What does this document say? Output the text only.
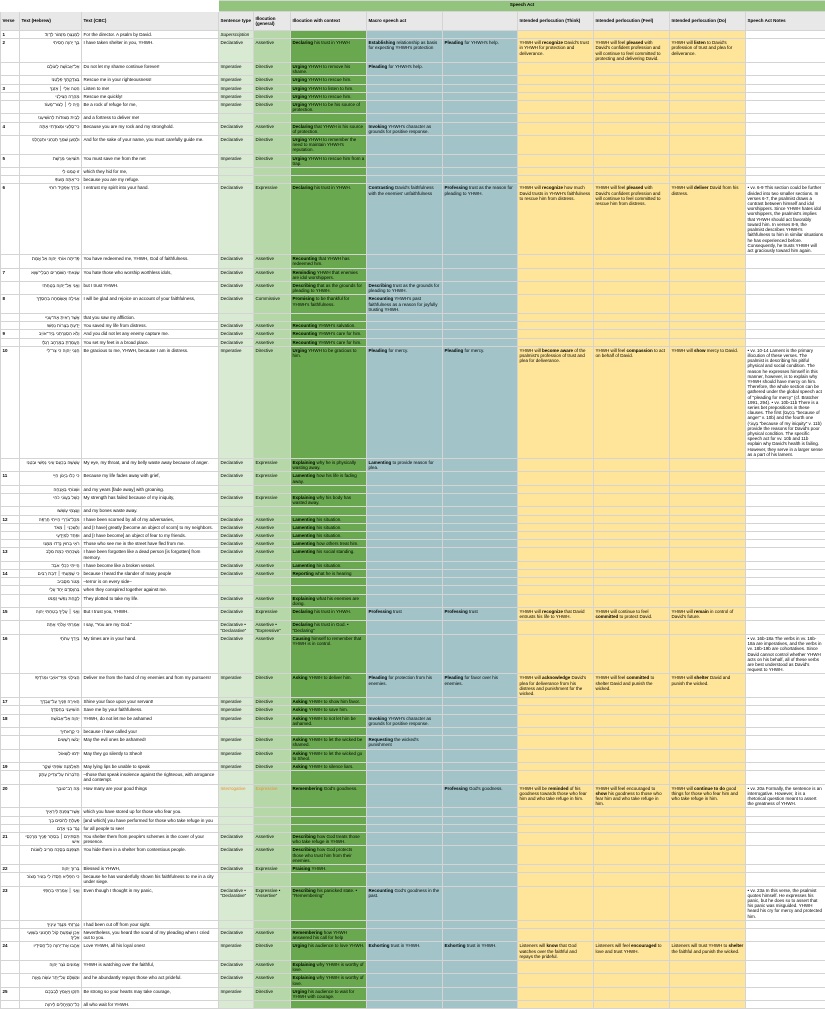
			Speech Act								
Verse	Text (Hebrew)	Text (CBC)	Sentence type	Illocution (general)	Illocution with context	Macro speech act		Intended perlocution (Think)	Intended perlocution (Feel)	Intended perlocution (Do)	Speech Act Notes
1	לַמְנַצֵּחַ מִזְמוֹר לְדָוִד׃	For the director. A psalm by David.	Superscription								
2	בְּךָ יְהוָה חָסִיתִי	I have taken shelter in you, YHWH.	Declarative	Assertive	Declaring his trust in YHWH	Establishing relationship as basis for expecting YHWH's protection	Pleading for YHWH's help.	YHWH will recognize David's trust in YHWH for protection and deliverance.	YHWH will feel pleased with David's confident profession and will continue to feel committed to protecting and delivering David.	YHWH will listen to David's profession of trust and plea for deliverance.	
	אַל־אֵבוֹשָׁה לְעוֹלָם	Do not let my shame continue forever!	Imperative	Directive	Urging YHWH to remove his shame.	Pleading for YHWH's help.					
	בְּצִדְקָתְךָ פַלְּטֵנִי׃	Rescue me in your righteousness!	Imperative	Directive	Urging YHWH to rescue him.						
3	הַטֵּה אֵלַי ׀ אָזְנְךָ	Listen to me!	Imperative	Directive	Urging YHWH to listen to him.						
	מְהֵרָה הַצִּילֵנִי	Rescue me quickly!	Imperative	Directive	Urging YHWH to rescue him.						
	הֱיֵה לִי ׀ לְצוּר־מָעוֹז	Be a rock of refuge for me,	Imperative	Directive	Urging YHWH to be his source of protection.						
	לְבֵית מְצוּדוֹת לְהוֹשִׁיעֵנִי׃	and a fortress to deliver me!									
4	כִּי־סַלְעִי וּמְצוּדָתִי אָתָּה	Because you are my rock and my stronghold.	Declarative	Assertive	Declaring that YHWH is his source of protection.	Invoking YHWH's character as grounds for positive response.					
	וּלְמַעַן שִׁמְךָ תַּנְחֵנִי וּתְנַהֲלֵנִי׃	And for the sake of your name, you must carefully guide me.	Declarative	Directive	Urging YHWH to remember the need to maintain YHWH's reputation.						
5	תּוֹצִיאֵנִי מֵרֶשֶׁת	You must save me from the net	Imperative	Directive	Urging YHWH to rescue him from a trap.						
	זוּ טָמְנוּ לִי	which they hid for me,									
	כִּי־אַתָּה מָעוּזִּי׃	because you are my refuge.									
6	בְּיָדְךָ אַפְקִיד רוּחִי	I entrust my spirit into your hand.	Declarative	Expressive	Declaring his trust in YHWH.	Contrasting David's faithfulness with the enemies' unfaithfulness	Professing trust as the reason for pleading to YHWH.	YHWH will recognize how much David trusts in YHWH's faithfulness to rescue him from distress.	YHWH will feel pleased with David's confident profession and will continue to feel committed to rescue him from distress.	YHWH will deliver David from his distress.	• vv. 6-9 This section could be further divided into two smaller sections. In verses 6-7, the psalmist draws a contrast between himself and idol worshippers. Since YHWH hates idol worshippers, the psalmist's implies that YHWH should act favorably toward him. In verses 8-9, the psalmist describes YHWH's faithfulness to him in similar situations he has experienced before. Consequently, he trusts YHWH will act graciously toward him again.
	פָּדִיתָה אוֹתִי יְהוָה אֵל אֱמֶת׃	You have redeemed me, YHWH, God of faithfulness.	Declarative	Assertive	Recounting that YHWH has redeemed him.						
7	שָׂנֵאתִי הַשֹּׁמְרִים הַבְלֵי־שָׁוְא	You hate those who worship worthless idols,	Declarative	Assertive	Reminding YHWH that enemies are idol worshippers.						
	וַאֲנִי אֶל־יְהוָה בָּטָחְתִּי׃	but I trust YHWH.	Declarative	Assertive	Describing that as the grounds for pleading to YHWH.	Describing trust as the grounds for pleading to YHWH.					
8	אָגִילָה וְאֶשְׂמְחָה בְּחַסְדֶּךָ	I will be glad and rejoice on account of your faithfulness,	Declarative	Commissive	Promising to be thankful for YHWH's faithfulness.	Recounting YHWH's past faithfulness as a reason for joyfully trusting YHWH.					
	אֲשֶׁר רָאִיתָ אֶת־עָנְיִי	that you saw my affliction.									
	יָדַעְתָּ בְּצָרוֹת נַפְשִׁי׃	You saved my life from distress.	Declarative	Assertive	Recounting YHWH's salvation.						
9	וְלֹא הִסְגַּרְתַּנִי בְּיַד־אוֹיֵב	And you did not let any enemy capture me.	Declarative	Assertive	Recounting YHWH's care for him.						
	הֶעֱמַדְתָּ בַמֶּרְחָב רַגְלָי׃	You set my feet in a broad place.	Declarative	Assertive	Recounting YHWH's care for him.						
10	חָנֵּנִי יְהוָה כִּי צַר־לִי	Be gracious to me, YHWH, because I am in distress.	Imperative	Directive	Urging YHWH to be gracious to him.	Pleading for mercy.	Pleading for mercy.	YHWH will become aware of the psalmist's profession of trust and plea for deliverance.	YHWH will feel compassion to act on behalf of David.	YHWH will show mercy to David.	• vv. 10-14 Lament is the primary illocution of these verses. The psalmist is describing his pitiful physical and social condition. The reason he expresses himself in this manner, however, is to explain why YHWH should have mercy on him. Therefore, the whole section can be gathered under the global speech act of "pleading for mercy" (cf. Bratcher 1991, 294). • vv. 10b-11b There is a series bet prepositions in these clauses. The first (בְּכַעַס "because of anger" v. 10b) and the fourth one (בַּעֲוֺנִי "because of my iniquity" v. 11b) provide the reasons for David's poor physical condition. The specific speech act for vv. 10b and 11b explain why David's health is failing. However, they serve in a larger sense as a part of his lament.
	עָשְׁשָׁה בְכַעַס עֵינִי נַפְשִׁי וּבִטְנִי׃	My eye, my throat, and my belly waste away because of anger.	Declarative	Expressive	Explaining why he is physically wasting away.	Lamenting to provide reason for plea.					
11	כִּי כָלוּ בְיָגוֹן חַיַּי	Because my life fades away with grief,	Declarative	Expressive	Lamenting how his life is fading away.						
	וּשְׁנוֹתַי בַּאֲנָחָה	and my years [fade away] with groaning.									
	כָּשַׁל בַּעֲוֺנִי כֹחִי	My strength has failed because of my iniquity,	Declarative	Expressive	Explaining why his body has wasted away.						
	וַעֲצָמַי עָשֵׁשׁוּ׃	and my bones waste away.									
12	מִכָּל־צֹרְרַי הָיִיתִי חֶרְפָּה	I have been scorned by all of my adversaries,	Declarative	Assertive	Lamenting his situation.						
	וְלִשְׁכֵנַי ׀ מְאֹד	and [I have] greatly [become an object of scorn] to my neighbors.	Declarative	Assertive	Lamenting his situation.						
	וּפַחַד לִמְיֻדָּעָי	and [I have become] an object of fear to my friends.	Declarative	Assertive	Lamenting his situation.						
	רֹאַי בַּחוּץ נָדְדוּ מִמֶּנִּי׃	Those who see me in the street have fled from me.	Declarative	Assertive	Lamenting how others treat him.						
13	נִשְׁכַּחְתִּי כְּמֵת מִלֵּב	I have been forgotten like a dead person [is forgotten] from memory.	Declarative	Assertive	Lamenting his social standing.						
	הָיִיתִי כִּכְלִי אֹבֵד׃	I have become like a broken vessel.	Declarative	Assertive	Lamenting his situation.						
14	כִּי שָׁמַעְתִּי ׀ דִּבַּת רַבִּים	because I heard the slander of many people	Declarative	Assertive	Reporting what he is hearing						
	מָגוֹר מִסָּבִיב	–terror is on every side–									
	בְּהִוָּסְדָם יַחַד עָלַי	when they conspired together against me.									
	לָקַחַת נַפְשִׁי זָמָמוּ׃	They plotted to take my life.	Declarative	Assertive	Explaining what his enemies are doing.						
15	וַאֲנִי ׀ עָלֶיךָ בָטַחְתִּי יְהוָה	But I trust you, YHWH.	Declarative	Expressive	Declaring his trust in YHWH.	Professing trust	Professing trust	YHWH will recognize that David entrusts his life to YHWH.	YHWH will continue to feel committed to protect David.	YHWH will remain in control of David's future.	
	אָמַרְתִּי אֱלֹהַי אָתָּה׃	I say, "You are my God."	Declarative • "Declarative"	Assertive • "Expressive"	Declaring his trust in God. • "Declaring"						
16	בְּיָדְךָ עִתֹּתָי	My times are in your hand.	Declarative	Assertive	Causing himself to remember that YHWH is in control.						• vv. 16b-18a The verbs in vv. 16b-18a are imperatives, and the verbs in vv. 18b-19b are cohortatives. Since David cannot control whether YHWH acts on his behalf, all of these verbs are best understood as David's request to YHWH.
	הַצִּילֵנִי מִיַּד־אוֹיְבַי וּמֵרֹדְפָי׃	Deliver me from the hand of my enemies and from my pursuers!	Imperative	Directive	Asking YHWH to deliver him.	Pleading for protection from his enemies.	Pleading for favor over his enemies.	YHWH will acknowledge David's plea for deliverance from his distress and punishment for the wicked.	YHWH will feel committed to shelter David and punish the wicked.	YHWH will shelter David and punish the wicked.	
17	הָאִירָה פָנֶיךָ עַל־עַבְדֶּךָ	Shine your face upon your servant!	Imperative	Directive	Asking YHWH to show him favor.						
	הוֹשִׁיעֵנִי בְחַסְדֶּךָ׃	Save me by your faithfulness.	Imperative	Directive	Asking YHWH to save him.						
18	יְהוָה אַל־אֵבוֹשָׁה	YHWH, do not let me be ashamed	Imperative	Directive	Asking YHWH to not let him be ashamed.	Invoking YHWH's character as grounds for positive response.					
	כִּי קְרָאתִיךָ	because I have called you!									
	יֵבֹשׁוּ רְשָׁעִים	May the evil ones be ashamed!	Imperative	Directive	Asking YHWH to let the wicked be shamed.	Requesting the wicked's punishment					
	יִדְּמוּ לִשְׁאוֹל׃	May they go silently to Sheol!	Imperative	Directive	Asking YHWH to let the wicked go to Sheol.						
19	תֵּאָלַמְנָה שִׂפְתֵי שָׁקֶר	May lying lips be unable to speak	Imperative	Directive	Asking YHWH to silence liars.						
	הַדֹּבְרוֹת עַל־צַדִּיק עָתָק	–those that speak insolence against the righteous, with arrogance and contempt.									
20	מָה רַב־טוּבְךָ	How many are your good things	Interrogative	Expressive	Remembering God's goodness.		Professing God's goodness.	YHWH will be reminded of his goodness towards those who fear him and who take refuge in him.	YHWH will feel encouraged to show his goodness to those who fear him and who take refuge in him.	YHWH will continue to do good things for those who fear him and who take refuge in him.	• vv. 20a Formally, the sentence is an interrogative. However, it is a rhetorical question meant to assert the greatness of YHWH.
	אֲשֶׁר־צָפַנְתָּ לִּירֵאֶיךָ	which you have stored up for those who fear you.									
	פָּעַלְתָּ לַחֹסִים בָּךְ	[and which] you have performed for those who take refuge in you									
	נֶגֶד בְּנֵי אָדָם׃	for all people to see!									
21	תַּסְתִּירֵם ׀ בְּסֵתֶר פָּנֶיךָ מֵרֻכְסֵי אִישׁ	You shelter them from people's schemes in the cover of your presence.	Declarative	Assertive	Describing how God treats those who take refuge in YHWH.						
	תִּצְפְּנֵם בְּסֻכָּה מֵרִיב לְשֹׁנוֹת׃	You hide them in a shelter from contentious people.	Declarative	Assertive	Describing how God protects those who trust him from their enemies.						
22	בָּרוּךְ יְהוָה	Blessed is YHWH,	Declarative	Expressive	Praising YHWH.						
	כִּי הִפְלִיא חַסְדּוֹ לִי בְּעִיר מָצוֹר׃	because he has wonderfully shown his faithfulness to me in a city under siege.									
23	וַאֲנִי ׀ אָמַרְתִּי בְחָפְזִי	Even though I thought in my panic,	Declarative • "Declarative"	Expressive • "Assertive"	Describing his panicked state. • "Remembering"	Recounting God's goodness in the past.					• vv. 23a In this verse, the psalmist quotes himself. He expresses his panic, but he does so to assert that his panic was misguided. YHWH heard his cry for mercy and protected him.
	נִגְרַזְתִּי מִנֶּגֶד עֵינֶיךָ	I had been cut off from your sight.									
	אָכֵן שָׁמַעְתָּ קוֹל תַּחֲנוּנַי בְּשַׁוְּעִי אֵלֶיךָ׃	Nevertheless, you heard the sound of my pleading when I cried out to you.	Declarative	Assertive	Remembering how YHWH answered his call for help						
24	אֶהֱבוּ אֶת־יְהוָה כָּל־חֲסִידָיו	Love YHWH, all his loyal ones!	Imperative	Directive	Urging his audience to love YHWH.	Exhorting trust in YHWH.	Exhorting trust in YHWH.	Listeners will know that God watches over the faithful and repays the prideful.	Listeners will feel encouraged to love and trust YHWH.	Listeners will trust YHWH to shelter the faithful and punish the wicked.	
	אֱמוּנִים נֹצֵר יְהוָה	YHWH is watching over the faithful,	Declarative	Assertive	Explaining why YHWH is worthy of love.						
	וּמְשַׁלֵּם עַל־יֶתֶר עֹשֵׂה גַאֲוָה׃	and he abundantly repays those who act prideful.	Declarative	Assertive	Explaining why YHWH is worthy of love.						
25	חִזְקוּ וְיַאֲמֵץ לְבַבְכֶם	Be strong so your hearts may take courage,	Imperative	Directive	Urging his audience to wait for YHWH with courage.						
	כָּל־הַמְיַחֲלִים לַיהוָה׃	all who wait for YHWH.									
